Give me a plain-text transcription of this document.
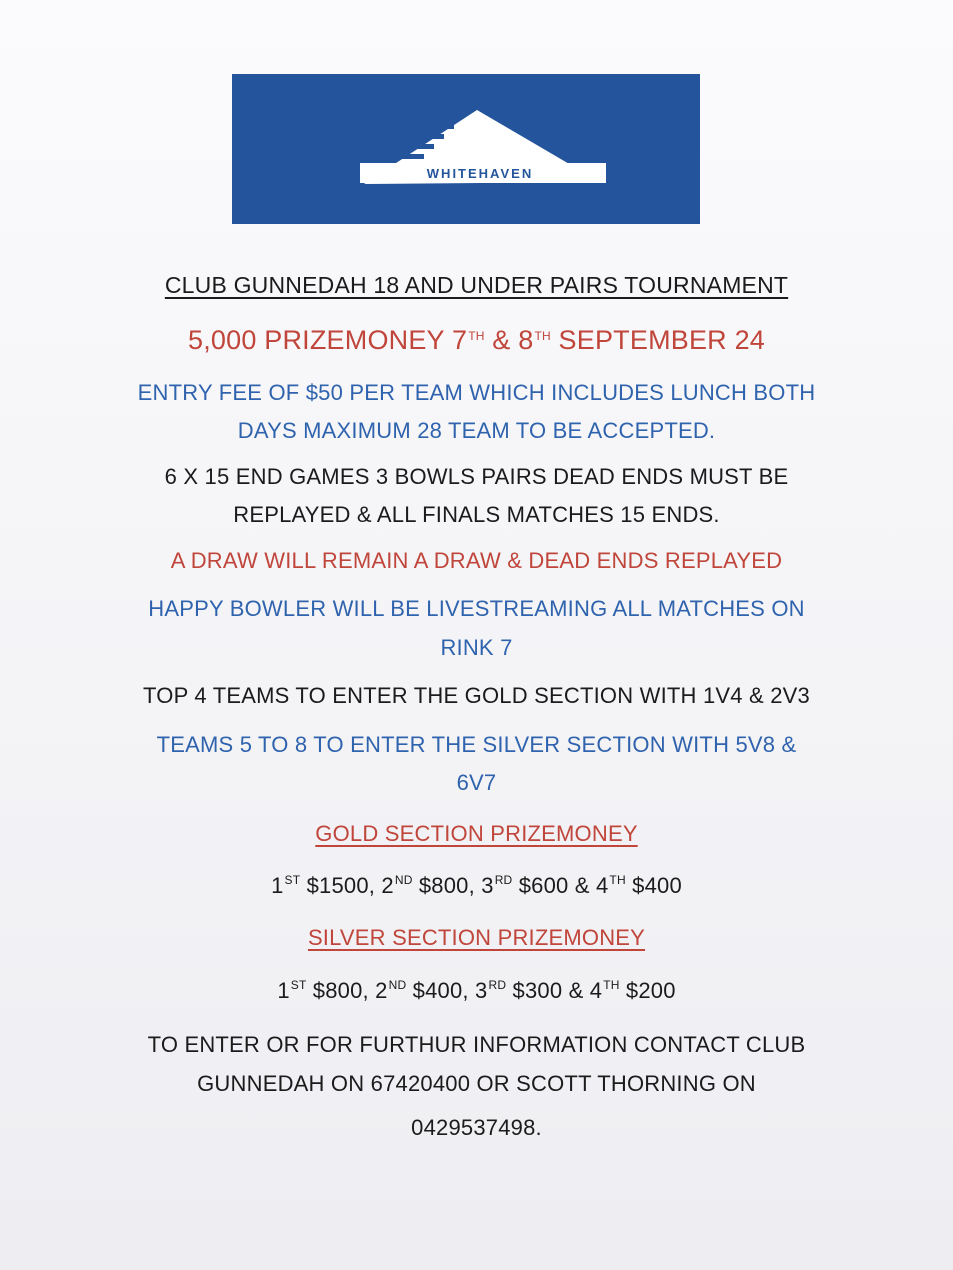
WHITEHAVEN
CLUB GUNNEDAH 18 AND UNDER PAIRS TOURNAMENT
5,000 PRIZEMONEY 7TH & 8TH SEPTEMBER 24
ENTRY FEE OF $50 PER TEAM WHICH INCLUDES LUNCH BOTH
DAYS MAXIMUM 28 TEAM TO BE ACCEPTED.
6 X 15 END GAMES 3 BOWLS PAIRS DEAD ENDS MUST BE
REPLAYED & ALL FINALS MATCHES 15 ENDS.
A DRAW WILL REMAIN A DRAW & DEAD ENDS REPLAYED
HAPPY BOWLER WILL BE LIVESTREAMING ALL MATCHES ON
RINK 7
TOP 4 TEAMS TO ENTER THE GOLD SECTION WITH 1V4 & 2V3
TEAMS 5 TO 8 TO ENTER THE SILVER SECTION WITH 5V8 &
6V7
GOLD SECTION PRIZEMONEY
1ST $1500, 2ND $800, 3RD $600 & 4TH $400
SILVER SECTION PRIZEMONEY
1ST $800, 2ND $400, 3RD $300 & 4TH $200
TO ENTER OR FOR FURTHUR INFORMATION CONTACT CLUB
GUNNEDAH ON 67420400 OR SCOTT THORNING ON
0429537498.
